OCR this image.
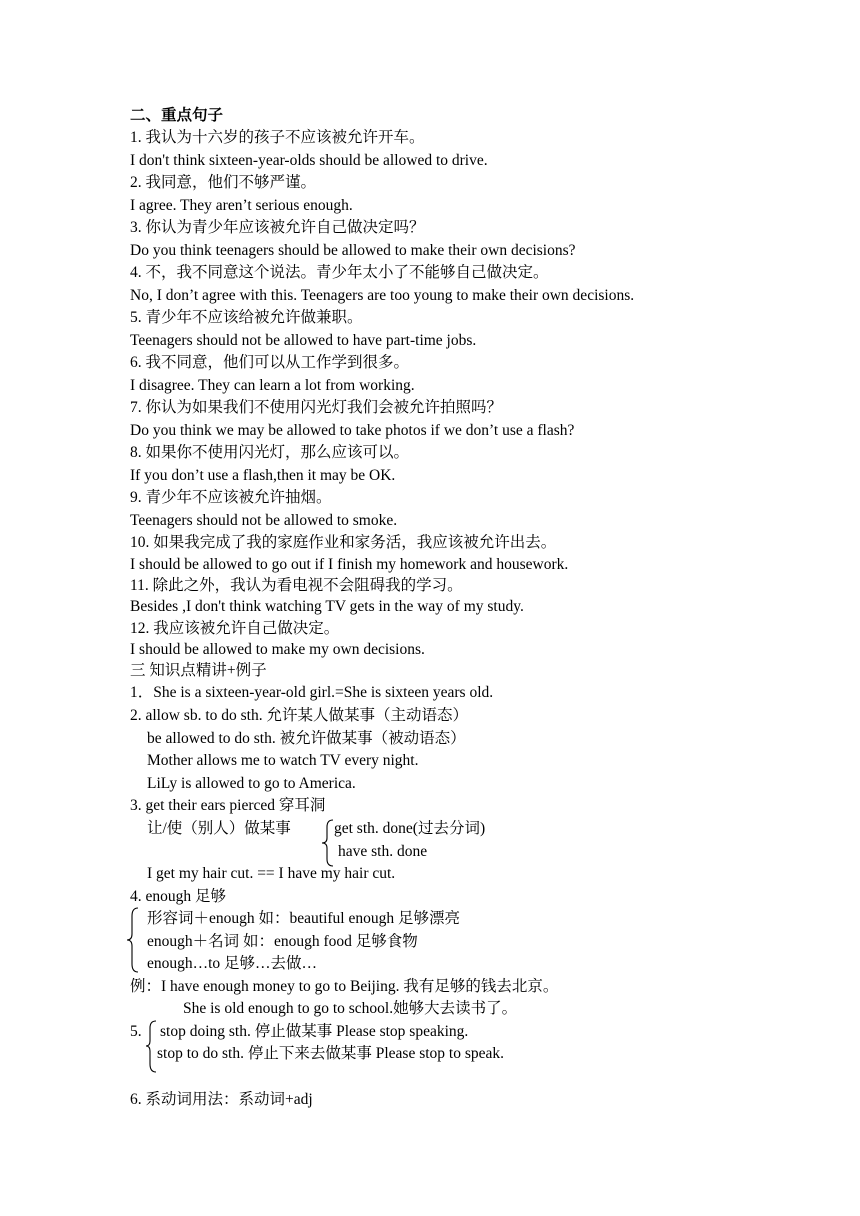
二、重点句子
1. 我认为十六岁的孩子不应该被允许开车。
I don't think sixteen-year-olds should be allowed to drive.
2. 我同意，他们不够严谨。
I agree. They aren’t serious enough.
3. 你认为青少年应该被允许自己做决定吗？
Do you think teenagers should be allowed to make their own decisions?
4. 不，我不同意这个说法。青少年太小了不能够自己做决定。
No, I don’t agree with this. Teenagers are too young to make their own decisions.
5. 青少年不应该给被允许做兼职。
Teenagers should not be allowed to have part-time jobs.
6. 我不同意，他们可以从工作学到很多。
I disagree. They can learn a lot from working.
7. 你认为如果我们不使用闪光灯我们会被允许拍照吗？
Do you think we may be allowed to take photos if we don’t use a flash?
8. 如果你不使用闪光灯，那么应该可以。
If you don’t use a flash,then it may be OK.
9. 青少年不应该被允许抽烟。
Teenagers should not be allowed to smoke.
10. 如果我完成了我的家庭作业和家务活，我应该被允许出去。
I should be allowed to go out if I finish my homework and housework.
11. 除此之外，我认为看电视不会阻碍我的学习。
Besides ,I don't think watching TV gets in the way of my study.
12. 我应该被允许自己做决定。
I should be allowed to make my own decisions.
三 知识点精讲+例子
1．She is a sixteen-year-old girl.=She is sixteen years old.
2. allow sb. to do sth. 允许某人做某事（主动语态）
be allowed to do sth. 被允许做某事（被动语态）
Mother allows me to watch TV every night.
LiLy is allowed to go to America.
3. get their ears pierced 穿耳洞
让/使（别人）做某事	get sth. done(过去分词)
have sth. done
I get my hair cut. == I have my hair cut.
4. enough 足够
形容词＋enough 如：beautiful enough 足够漂亮
enough＋名词 如：enough food 足够食物
enough…to 足够…去做…
例：I have enough money to go to Beijing. 我有足够的钱去北京。
She is old enough to go to school.她够大去读书了。
5. stop doing sth. 停止做某事 Please stop speaking.
stop to do sth. 停止下来去做某事 Please stop to speak.
6. 系动词用法：系动词+adj
